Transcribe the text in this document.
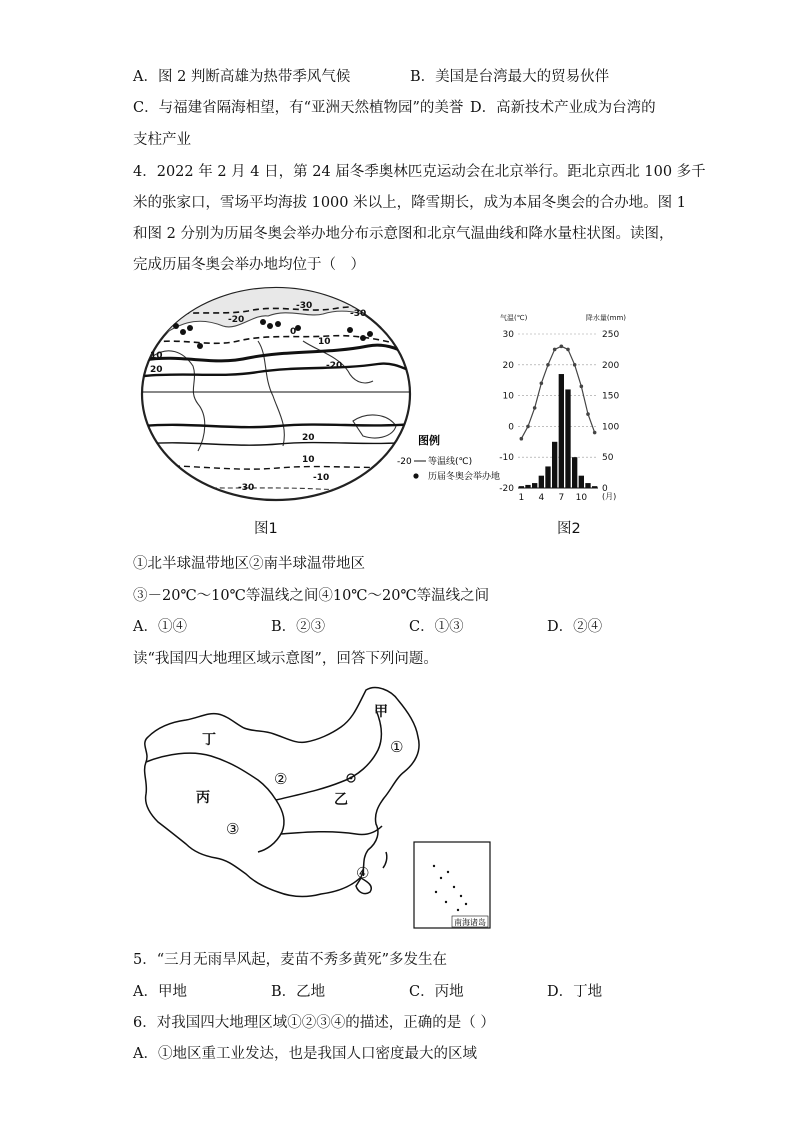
A．图 2 判断高雄为热带季风气候	B．美国是台湾最大的贸易伙伴
C．与福建省隔海相望，有“亚洲天然植物园”的美誉 D．高新技术产业成为台湾的
支柱产业
4．2022 年 2 月 4 日，第 24 届冬季奥林匹克运动会在北京举行。距北京西北 100 多千
米的张家口，雪场平均海拔 1000 米以上，降雪期长，成为本届冬奥会的合办地。图 1
和图 2 分别为历届冬奥会举办地分布示意图和北京气温曲线和降水量柱状图。读图，
完成历届冬奥会举办地均位于（　）
-20
-30
0
10
-30
-20
20
10
-10
20
10
-30
图例
-20 等温线(℃)
历届冬奥会举办地
图1
30
20
10
0
-10
-20
250
200
150
100
50
0
气温(℃)	降水量(mm)
1 4 7 10 (月)
图2
①北半球温带地区②南半球温带地区
③－20℃～10℃等温线之间④10℃～20℃等温线之间
A．①④	B．②③	C．①③	D．②④
读“我国四大地理区域示意图”，回答下列问题。
南海诸岛
甲
乙
丙
丁	①
②
③
④
5．“三月无雨旱风起，麦苗不秀多黄死”多发生在
A．甲地	B．乙地	C．丙地	D．丁地
6．对我国四大地理区域①②③④的描述，正确的是（ ）
A．①地区重工业发达，也是我国人口密度最大的区域
